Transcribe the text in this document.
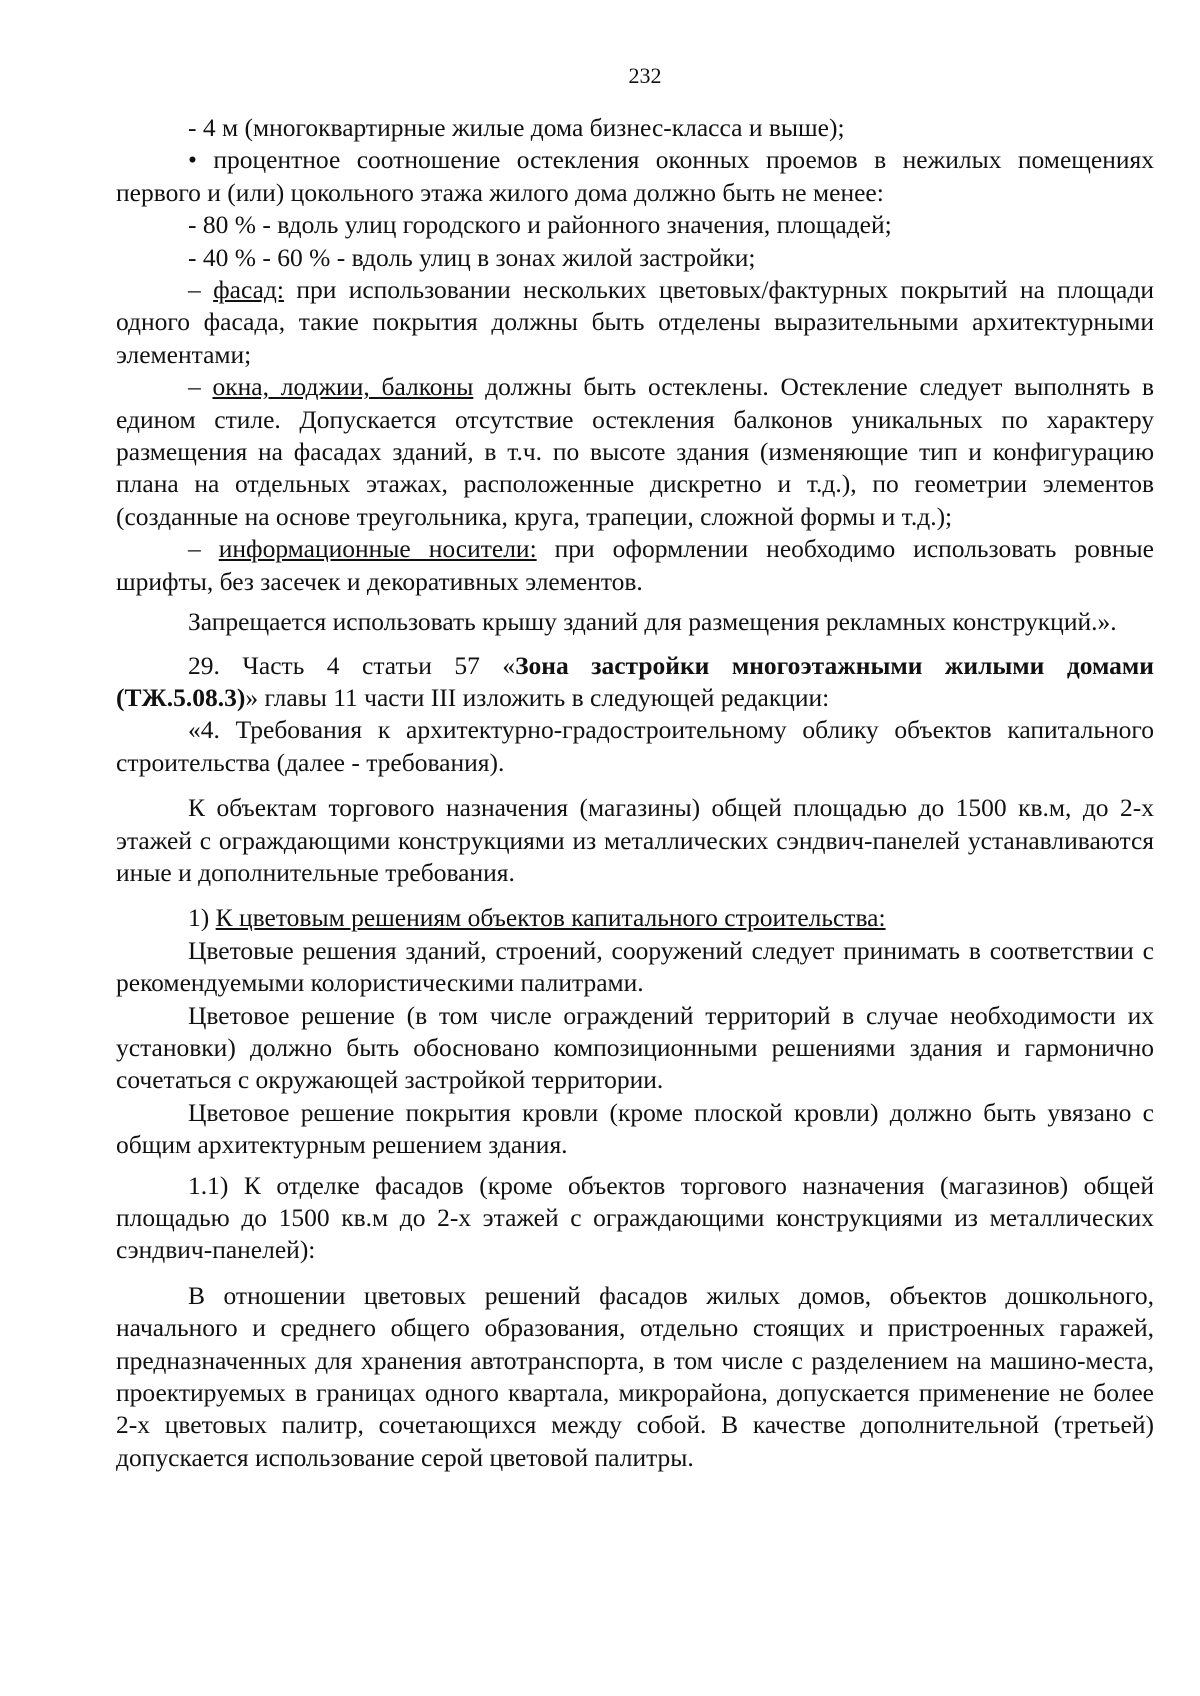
232

- 4 м (многоквартирные жилые дома бизнес-класса и выше);

• процентное соотношение остекления оконных проемов в нежилых помещениях первого и (или) цокольного этажа жилого дома должно быть не менее:

- 80 % - вдоль улиц городского и районного значения, площадей;

- 40 % - 60 % - вдоль улиц в зонах жилой застройки;

– фасад: при использовании нескольких цветовых/фактурных покрытий на площади одного фасада, такие покрытия должны быть отделены выразительными архитектурными элементами;

– окна, лоджии, балконы должны быть остеклены. Остекление следует выполнять в едином стиле. Допускается отсутствие остекления балконов уникальных по характеру размещения на фасадах зданий, в т.ч. по высоте здания (изменяющие тип и конфигурацию плана на отдельных этажах, расположенные дискретно и т.д.), по геометрии элементов (созданные на основе треугольника, круга, трапеции, сложной формы и т.д.);

– информационные носители: при оформлении необходимо использовать ровные шрифты, без засечек и декоративных элементов.

Запрещается использовать крышу зданий для размещения рекламных конструкций.».

29. Часть 4 статьи 57 «Зона застройки многоэтажными жилыми домами (ТЖ.5.08.3)» главы 11 части III изложить в следующей редакции:

«4. Требования к архитектурно-градостроительному облику объектов капитального строительства (далее - требования).

К объектам торгового назначения (магазины) общей площадью до 1500 кв.м, до 2-х этажей с ограждающими конструкциями из металлических сэндвич-панелей устанавливаются иные и дополнительные требования.

1) К цветовым решениям объектов капитального строительства:

Цветовые решения зданий, строений, сооружений следует принимать в соответствии с рекомендуемыми колористическими палитрами.

Цветовое решение (в том числе ограждений территорий в случае необходимости их установки) должно быть обосновано композиционными решениями здания и гармонично сочетаться с окружающей застройкой территории.

Цветовое решение покрытия кровли (кроме плоской кровли) должно быть увязано с общим архитектурным решением здания.

1.1) К отделке фасадов (кроме объектов торгового назначения (магазинов) общей площадью до 1500 кв.м до 2-х этажей с ограждающими конструкциями из металлических сэндвич-панелей):

В отношении цветовых решений фасадов жилых домов, объектов дошкольного, начального и среднего общего образования, отдельно стоящих и пристроенных гаражей, предназначенных для хранения автотранспорта, в том числе с разделением на машино-места, проектируемых в границах одного квартала, микрорайона, допускается применение не более 2-х цветовых палитр, сочетающихся между собой. В качестве дополнительной (третьей) допускается использование серой цветовой палитры.
